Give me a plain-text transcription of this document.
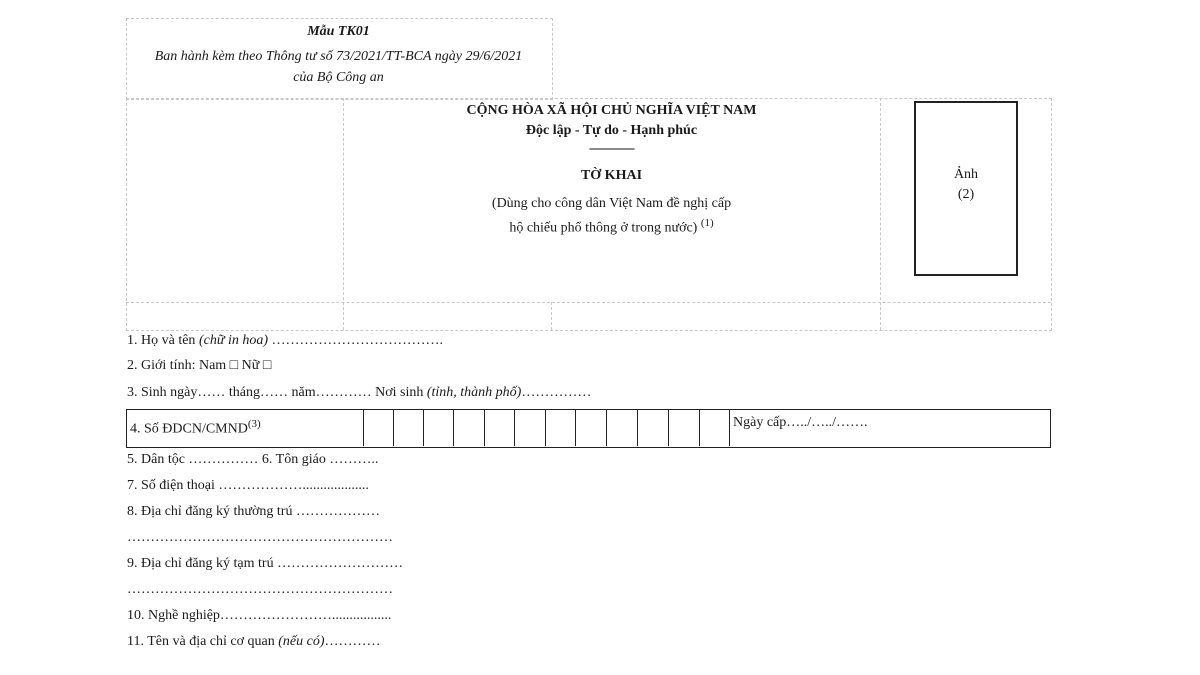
Mẫu TK01
Ban hành kèm theo Thông tư số 73/2021/TT-BCA ngày 29/6/2021
của Bộ Công an
CỘNG HÒA XÃ HỘI CHỦ NGHĨA VIỆT NAM
Độc lập - Tự do - Hạnh phúc
---------------
TỜ KHAI
(Dùng cho công dân Việt Nam đề nghị cấp
hộ chiếu phổ thông ở trong nước) $^{(1)}$
Ảnh
(2)
1. Họ và tên (chữ in hoa) ……………………………….
2. Giới tính: Nam □ Nữ □
3. Sinh ngày…… tháng…… năm………… Nơi sinh (tỉnh, thành phố)……………
4. Số ĐDCN/CMND$^{(3)}$	Ngày cấp…../…../…….
5. Dân tộc …………… 6. Tôn giáo ………..
7. Số điện thoại ………………...................
8. Địa chỉ đăng ký thường trú ………………
…………………………………………………
9. Địa chỉ đăng ký tạm trú ………………………
…………………………………………………
10. Nghề nghiệp…………………….................
11. Tên và địa chỉ cơ quan (nếu có)…………
